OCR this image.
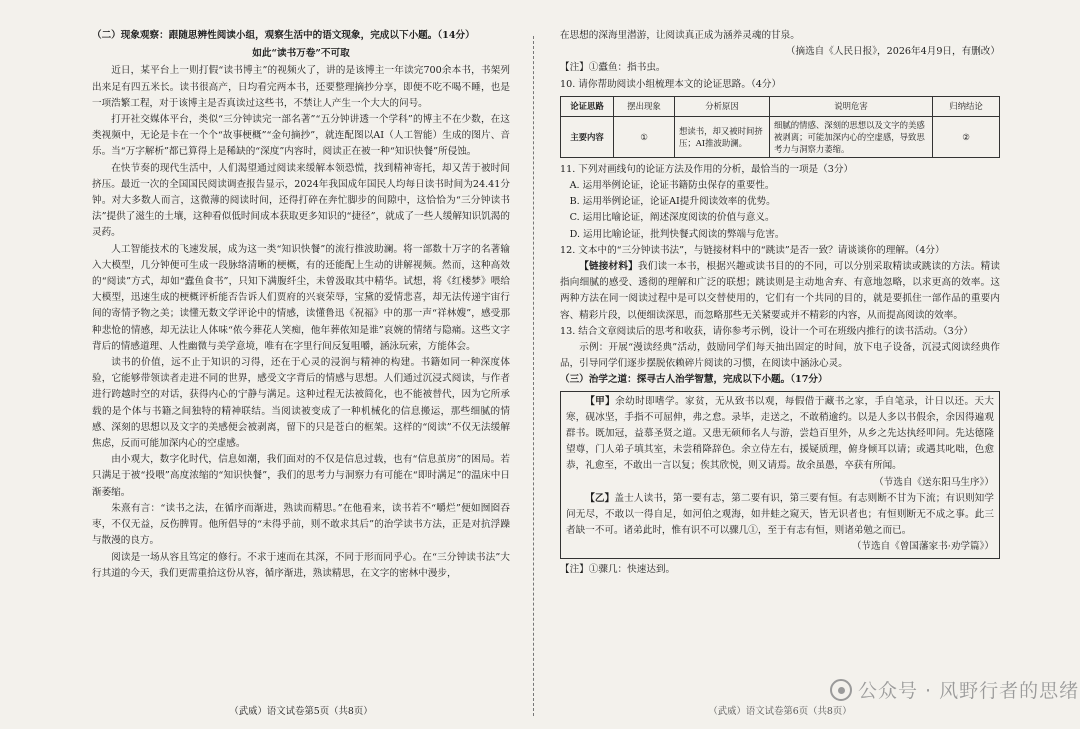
（二）现象观察：跟随思辨性阅读小组，观察生活中的语文现象，完成以下小题。（14分）

如此“读书万卷”不可取

近日，某平台上一则打假“读书博主”的视频火了，讲的是该博主一年读完700余本书，书架列出来足有四五米长。读书很高产，日均看完两本书，还要整理摘抄分享，即便不吃不喝不睡，也是一项浩繁工程，对于该博主是否真读过这些书，不禁让人产生一个大大的问号。

打开社交媒体平台，类似“三分钟读完一部名著”“五分钟讲透一个学科”的博主不在少数，在这类视频中，无论是卡在一个个“故事梗概”“金句摘抄”，就连配图以AI（人工智能）生成的图片、音乐。当“万字解析”都已算得上是稀缺的“深度”内容时，阅读正在被一种“知识快餐”所侵蚀。

在快节奏的现代生活中，人们渴望通过阅读来缓解本领恐慌，找到精神寄托，却又苦于被时间挤压。最近一次的全国国民阅读调查报告显示，2024年我国成年国民人均每日读书时间为24.41分钟。对大多数人而言，这微薄的阅读时间，还得打碎在奔忙脚步的间隙中，这恰恰为“三分钟读书法”提供了滋生的土壤，这种看似低时间成本获取更多知识的“捷径”，就成了一些人缓解知识饥渴的灵药。

人工智能技术的飞速发展，成为这一类“知识快餐”的流行推波助澜。将一部数十万字的名著输入大模型，几分钟便可生成一段脉络清晰的梗概，有的还能配上生动的讲解视频。然而，这种高效的“阅读”方式，却如“蠹鱼食书”，只知下满腹纤尘，未曾汲取其中精华。试想，将《红楼梦》喂给大模型，迅速生成的梗概评析能否告诉人们贾府的兴衰荣辱，宝黛的爱情悲喜，却无法传递宇宙行间的寄情予物之美；读懂无数文学评论中的情感，读懂鲁迅《祝福》中的那一声“祥林嫂”，感受那种悲怆的情感，却无法让人体味“侬今葬花人笑痴，他年葬侬知是谁”哀婉的情绪与隐痛。这些文字背后的情感道理、人性幽微与美学意境，唯有在字里行间反复咀嚼，涵泳玩索，方能体会。

读书的价值，远不止于知识的习得，还在于心灵的浸润与精神的构建。书籍如同一种深度体验，它能够带领读者走进不同的世界，感受文字背后的情感与思想。人们通过沉浸式阅读，与作者进行跨越时空的对话，获得内心的宁静与满足。这种过程无法被简化，也不能被替代，因为它所承载的是个体与书籍之间独特的精神联结。当阅读被变成了一种机械化的信息搬运，那些细腻的情感、深刻的思想以及文字的美感便会被剥离，留下的只是苍白的框架。这样的“阅读”不仅无法缓解焦虑，反而可能加深内心的空虚感。

由小观大，数字化时代，信息如潮，我们面对的不仅是信息过载，也有“信息茧房”的困局。若只满足于被“投喂”高度浓缩的“知识快餐”，我们的思考力与洞察力有可能在“即时满足”的温床中日渐萎缩。

朱熹有言：“读书之法，在循序而渐进，熟读而精思。”在他看来，读书若不“嚼烂”便如囫囵吞枣，不仅无益，反伤脾胃。他所倡导的“未得乎前，则不敢求其后”的治学读书方法，正是对抗浮躁与散漫的良方。

阅读是一场从容且笃定的修行。不求于速而在其深，不同于形而同乎心。在“三分钟读书法”大行其道的今天，我们更需重拾这份从容，循序渐进，熟读精思，在文字的密林中漫步，

（武威）语文试卷第5页（共8页）

在思想的深海里潜游，让阅读真正成为涵养灵魂的甘泉。

（摘选自《人民日报》，2026年4月9日，有删改）

【注】①蠹鱼：指书虫。

10. 请你帮助阅读小组梳理本文的论证思路。（4分）

论证思路	摆出现象	分析原因	说明危害	归纳结论
主要内容	①	想读书，却又被时间挤压；AI推波助澜。	细腻的情感、深刻的思想以及文字的美感被剥离；可能加深内心的空虚感，导致思考力与洞察力萎缩。	②

11. 下列对画线句的论证方法及作用的分析，最恰当的一项是（3分）

A. 运用举例论证，论证书籍防虫保存的重要性。

B. 运用举例论证，论证AI提升阅读效率的优势。

C. 运用比喻论证，阐述深度阅读的价值与意义。

D. 运用比喻论证，批判快餐式阅读的弊端与危害。

12. 文本中的“三分钟读书法”，与链接材料中的“跳读”是否一致？请谈谈你的理解。（4分）

【链接材料】我们读一本书，根据兴趣或读书目的的不同，可以分别采取精读或跳读的方法。精读指向细腻的感受、透彻的理解和广泛的联想；跳读则是主动地舍弃、有意地忽略，以求更高的效率。这两种方法在同一阅读过程中是可以交替使用的，它们有一个共同的目的，就是要抓住一部作品的重要内容、精彩片段，以便细读深思，而忽略那些无关紧要或并不精彩的内容，从而提高阅读的效率。

13. 结合文章阅读后的思考和收获，请你参考示例，设计一个可在班级内推行的读书活动。（3分）

示例：开展“漫读经典”活动，鼓励同学们每天抽出固定的时间，放下电子设备，沉浸式阅读经典作品，引导同学们逐步摆脱依赖碎片阅读的习惯，在阅读中涵泳心灵。

（三）治学之道：探寻古人治学智慧，完成以下小题。（17分）

【甲】余幼时即嗜学。家贫，无从致书以观，每假借于藏书之家，手自笔录，计日以还。天大寒，砚冰坚，手指不可屈伸，弗之怠。录毕，走送之，不敢稍逾约。以是人多以书假余，余因得遍观群书。既加冠，益慕圣贤之道。又患无硕师名人与游，尝趋百里外，从乡之先达执经叩问。先达德隆望尊，门人弟子填其室，未尝稍降辞色。余立侍左右，援疑质理，俯身倾耳以请；或遇其叱咄，色愈恭，礼愈至，不敢出一言以复；俟其欣悦，则又请焉。故余虽愚，卒获有所闻。

（节选自《送东阳马生序》）

【乙】盖士人读书，第一要有志，第二要有识，第三要有恒。有志则断不甘为下流；有识则知学问无尽，不敢以一得自足，如河伯之观海，如井蛙之窥天，皆无识者也；有恒则断无不成之事。此三者缺一不可。诸弟此时，惟有识不可以骤几①，至于有志有恒，则诸弟勉之而已。

（节选自《曾国藩家书·劝学篇》）

【注】①骤几：快速达到。

（武威）语文试卷第6页（共8页）
公众号 · 风野行者的思绪
